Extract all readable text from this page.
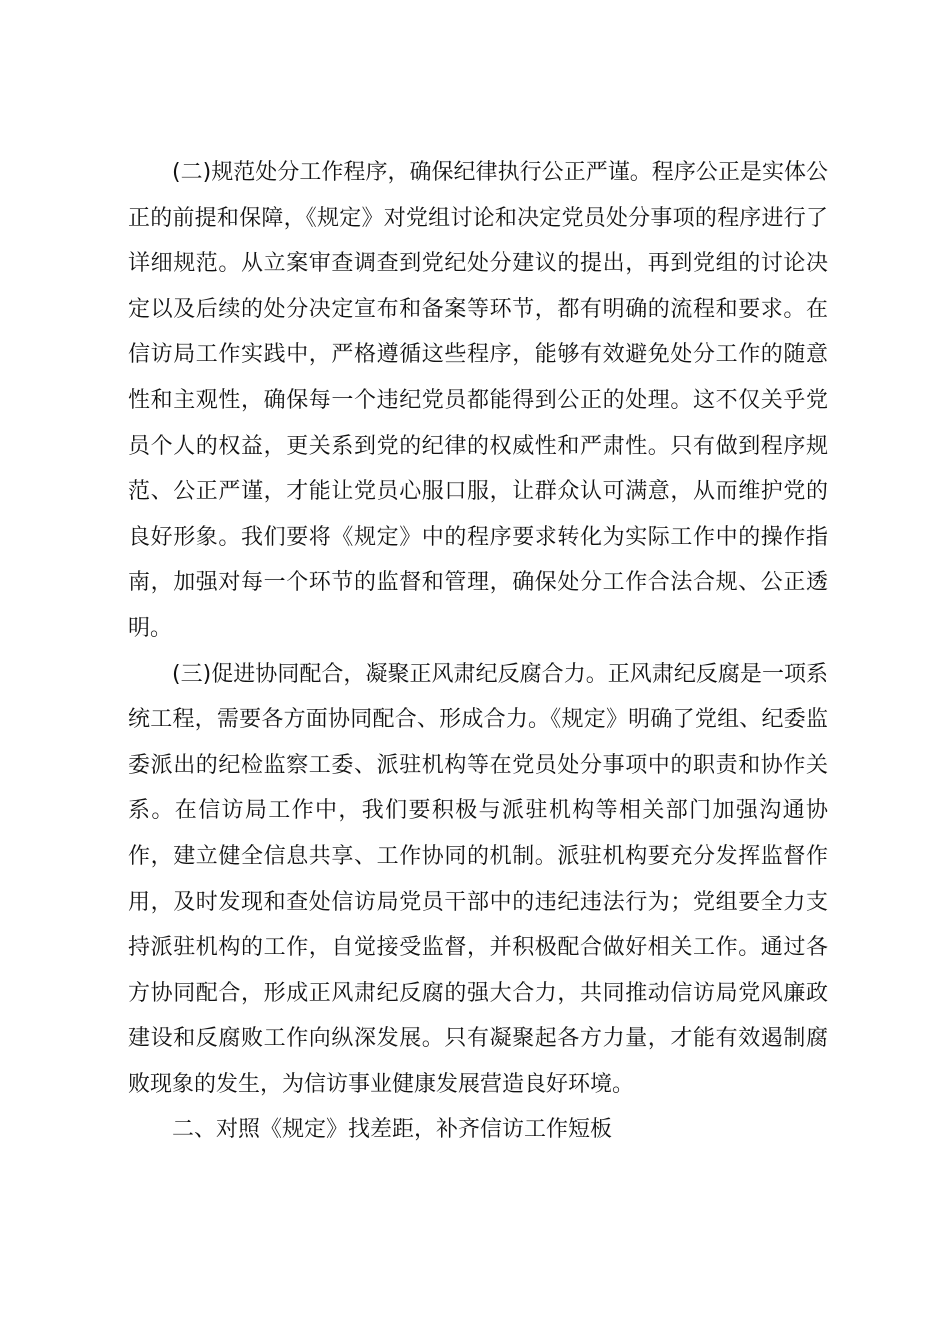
(二)规范处分工作程序，确保纪律执行公正严谨。程序公正是实体公正的前提和保障，《规定》对党组讨论和决定党员处分事项的程序进行了详细规范。从立案审查调查到党纪处分建议的提出，再到党组的讨论决定以及后续的处分决定宣布和备案等环节，都有明确的流程和要求。在信访局工作实践中，严格遵循这些程序，能够有效避免处分工作的随意性和主观性，确保每一个违纪党员都能得到公正的处理。这不仅关乎党员个人的权益，更关系到党的纪律的权威性和严肃性。只有做到程序规范、公正严谨，才能让党员心服口服，让群众认可满意，从而维护党的良好形象。我们要将《规定》中的程序要求转化为实际工作中的操作指南，加强对每一个环节的监督和管理，确保处分工作合法合规、公正透明。

(三)促进协同配合，凝聚正风肃纪反腐合力。正风肃纪反腐是一项系统工程，需要各方面协同配合、形成合力。《规定》明确了党组、纪委监委派出的纪检监察工委、派驻机构等在党员处分事项中的职责和协作关系。在信访局工作中，我们要积极与派驻机构等相关部门加强沟通协作，建立健全信息共享、工作协同的机制。派驻机构要充分发挥监督作用，及时发现和查处信访局党员干部中的违纪违法行为；党组要全力支持派驻机构的工作，自觉接受监督，并积极配合做好相关工作。通过各方协同配合，形成正风肃纪反腐的强大合力，共同推动信访局党风廉政建设和反腐败工作向纵深发展。只有凝聚起各方力量，才能有效遏制腐败现象的发生，为信访事业健康发展营造良好环境。

二、对照《规定》找差距，补齐信访工作短板
